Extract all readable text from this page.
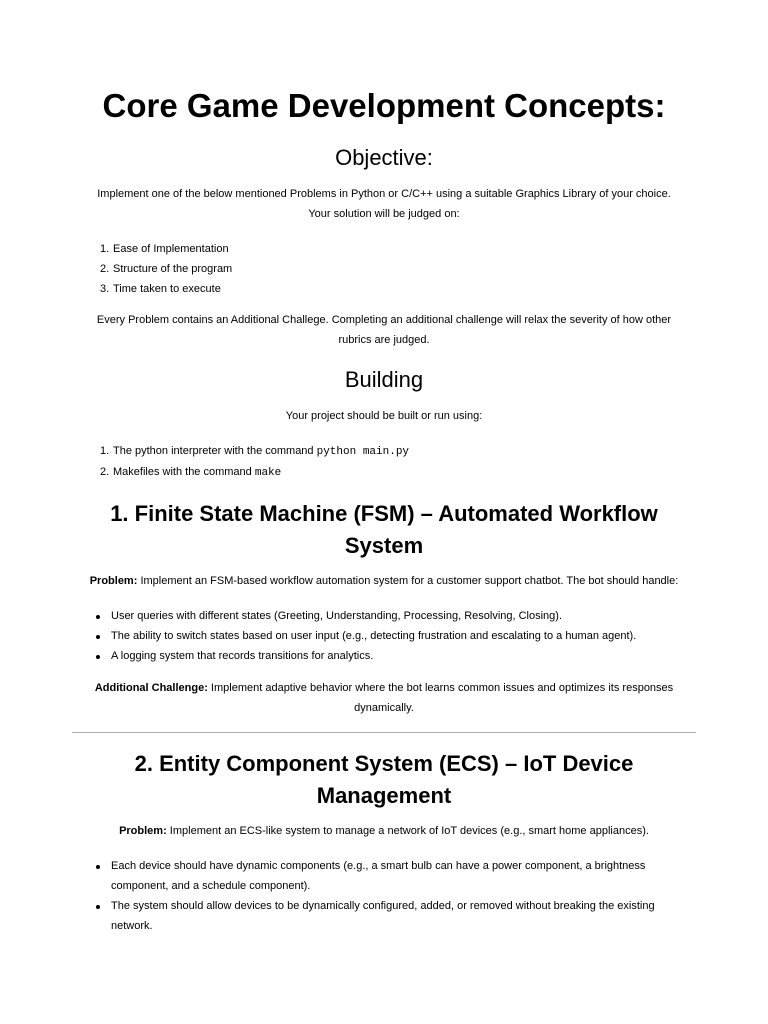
Core Game Development Concepts:
Objective:

Implement one of the below mentioned Problems in Python or C/C++ using a suitable Graphics Library of your choice.

Your solution will be judged on:

1. Ease of Implementation
2. Structure of the program
3. Time taken to execute

Every Problem contains an Additional Challege. Completing an additional challenge will relax the severity of how other

rubrics are judged.

Building

Your project should be built or run using:

1. The python interpreter with the command python main.py
2. Makefiles with the command make
1. Finite State Machine (FSM) – Automated Workflow
System

Problem: Implement an FSM-based workflow automation system for a customer support chatbot. The bot should handle:

User queries with different states (Greeting, Understanding, Processing, Resolving, Closing).
The ability to switch states based on user input (e.g., detecting frustration and escalating to a human agent).
A logging system that records transitions for analytics.

Additional Challenge: Implement adaptive behavior where the bot learns common issues and optimizes its responses

dynamically.

2. Entity Component System (ECS) – IoT Device
Management

Problem: Implement an ECS-like system to manage a network of IoT devices (e.g., smart home appliances).

Each device should have dynamic components (e.g., a smart bulb can have a power component, a brightness
component, and a schedule component).
The system should allow devices to be dynamically configured, added, or removed without breaking the existing
network.
